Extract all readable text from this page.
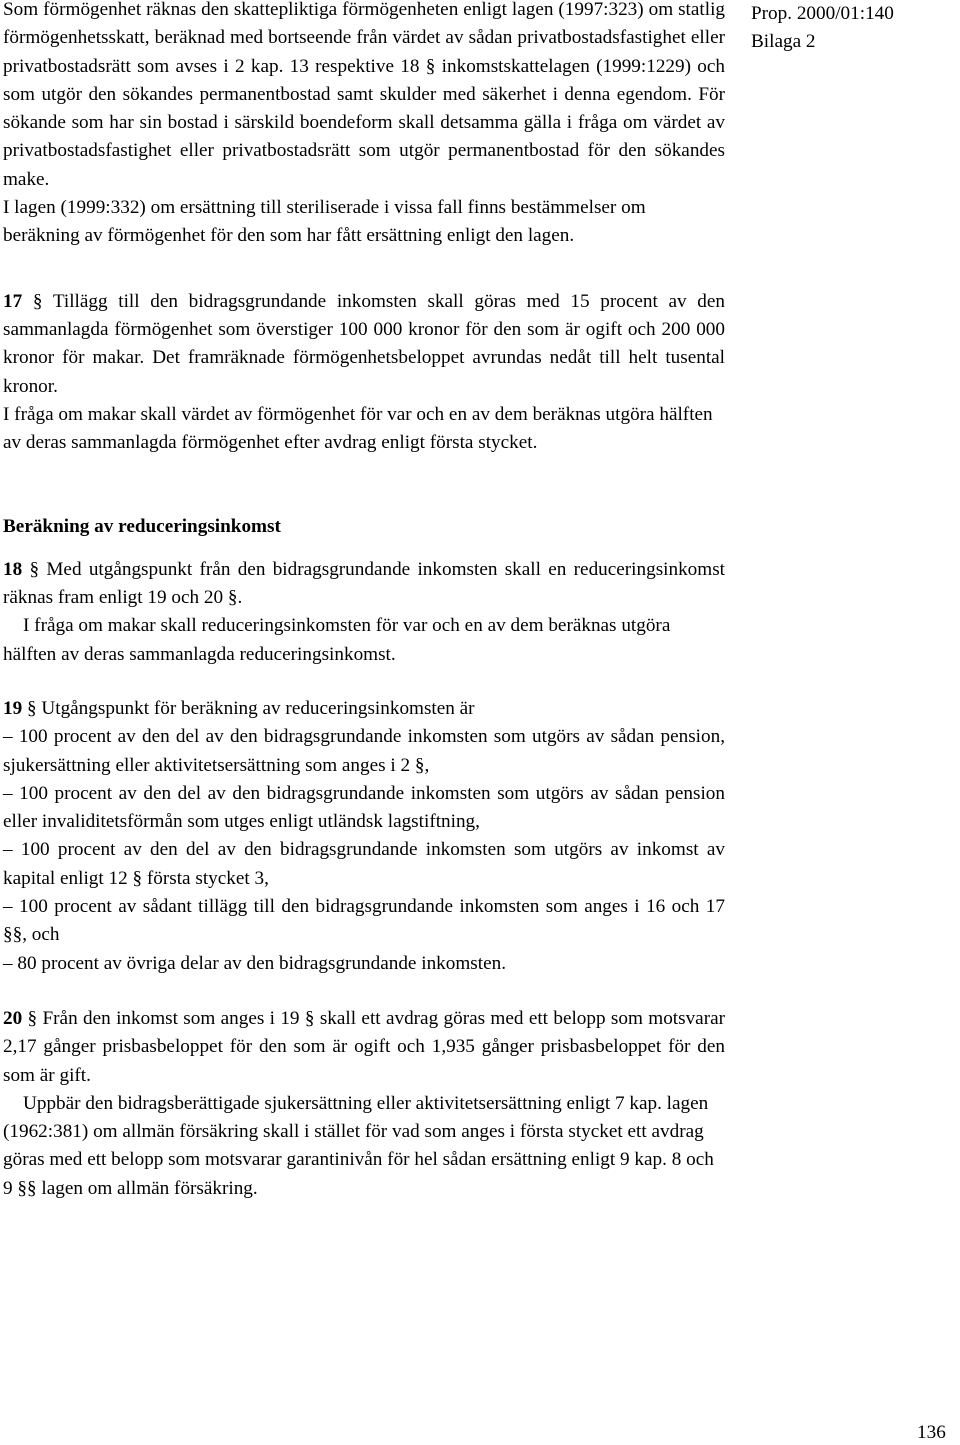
Prop. 2000/01:140
Bilaga 2

Som förmögenhet räknas den skattepliktiga förmögenheten enligt lagen (1997:323) om statlig förmögenhetsskatt, beräknad med bortseende från värdet av sådan privatbostadsfastighet eller privatbostadsrätt som avses i 2 kap. 13 respektive 18 § inkomstskattelagen (1999:1229) och som utgör den sökandes permanentbostad samt skulder med säkerhet i denna egendom. För sökande som har sin bostad i särskild boendeform skall detsamma gälla i fråga om värdet av privatbostadsfastighet eller privatbostadsrätt som utgör permanentbostad för den sökandes make.

I lagen (1999:332) om ersättning till steriliserade i vissa fall finns bestämmelser om beräkning av förmögenhet för den som har fått ersättning enligt den lagen.

17 § Tillägg till den bidragsgrundande inkomsten skall göras med 15 procent av den sammanlagda förmögenhet som överstiger 100 000 kronor för den som är ogift och 200 000 kronor för makar. Det framräknade förmögenhetsbeloppet avrundas nedåt till helt tusental kronor.

I fråga om makar skall värdet av förmögenhet för var och en av dem beräknas utgöra hälften av deras sammanlagda förmögenhet efter avdrag enligt första stycket.

Beräkning av reduceringsinkomst

18 § Med utgångspunkt från den bidragsgrundande inkomsten skall en reduceringsinkomst räknas fram enligt 19 och 20 §.

I fråga om makar skall reduceringsinkomsten för var och en av dem beräknas utgöra hälften av deras sammanlagda reduceringsinkomst.

19 § Utgångspunkt för beräkning av reduceringsinkomsten är

– 100 procent av den del av den bidragsgrundande inkomsten som utgörs av sådan pension, sjukersättning eller aktivitetsersättning som anges i 2 §,

– 100 procent av den del av den bidragsgrundande inkomsten som utgörs av sådan pension eller invaliditetsförmån som utges enligt utländsk lagstiftning,

– 100 procent av den del av den bidragsgrundande inkomsten som utgörs av inkomst av kapital enligt 12 § första stycket 3,

– 100 procent av sådant tillägg till den bidragsgrundande inkomsten som anges i 16 och 17 §§, och

– 80 procent av övriga delar av den bidragsgrundande inkomsten.

20 § Från den inkomst som anges i 19 § skall ett avdrag göras med ett belopp som motsvarar 2,17 gånger prisbasbeloppet för den som är ogift och 1,935 gånger prisbasbeloppet för den som är gift.

Uppbär den bidragsberättigade sjukersättning eller aktivitetsersättning enligt 7 kap. lagen (1962:381) om allmän försäkring skall i stället för vad som anges i första stycket ett avdrag göras med ett belopp som motsvarar garantinivån för hel sådan ersättning enligt 9 kap. 8 och 9 §§ lagen om allmän försäkring.

136
